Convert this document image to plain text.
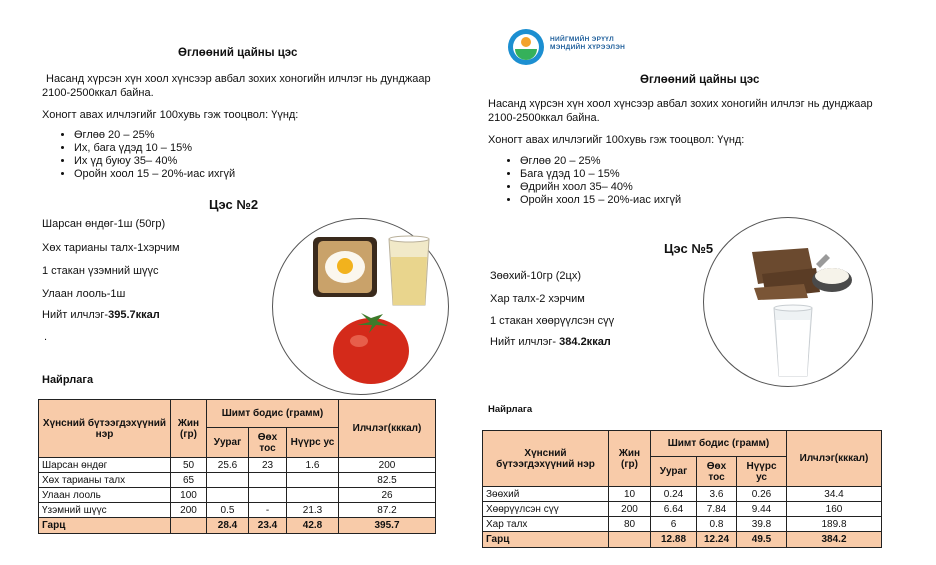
Өглөөний цайны цэс
Насанд хүрсэн хүн хоол хүнсээр авбал зохих хоногийн илчлэг нь дунджаар 2100-2500ккал байна.
Хоногт авах илчлэгийг 100хувь гэж тооцвол: Үүнд:
• Өглөө 20 – 25%
• Их, бага үдэд 10 – 15%
• Их үд буюу 35– 40%
• Оройн хоол 15 – 20%-иас ихгүй
Цэс №2
Шарсан өндөг-1ш (50гр)
Хөх тарианы талх-1хэрчим
1 стакан үзэмний шүүс
Улаан лооль-1ш
Нийт илчлэг-395.7ккал
.
Найрлага
Хүнсний бүтээгдэхүүний нэр	Жин (гр)	Шимт бодис (грамм)			Илчлэг(кккал)
		Уураг	Өөх тос	Нүүрс ус	
Шарсан өндөг	50	25.6	23	1.6	200
Хөх тарианы талх	65				82.5
Улаан лооль	100				26
Үзэмний шүүс	200	0.5	-	21.3	87.2
Гарц		28.4	23.4	42.8	395.7
НИЙГМИЙН ЭРҮҮЛ
МЭНДИЙН ХҮРЭЭЛЭН
Өглөөний цайны цэс
Насанд хүрсэн хүн хоол хүнсээр авбал зохих хоногийн илчлэг нь дунджаар 2100-2500ккал байна.
Хоногт авах илчлэгийг 100хувь гэж тооцвол: Үүнд:
• Өглөө 20 – 25%
• Бага үдэд 10 – 15%
• Өдрийн хоол 35– 40%
• Оройн хоол 15 – 20%-иас ихгүй
Цэс №5
Зөөхий-10гр (2цх)
Хар талх-2 хэрчим
1 стакан хөөрүүлсэн сүү
Нийт илчлэг- 384.2ккал
Найрлага
Хүнсний бүтээгдэхүүний нэр	Жин (гр)	Шимт бодис (грамм)			Илчлэг(кккал)
		Уураг	Өөх тос	Нүүрс ус	
Зөөхий	10	0.24	3.6	0.26	34.4
Хөөрүүлсэн сүү	200	6.64	7.84	9.44	160
Хар талх	80	6	0.8	39.8	189.8
Гарц		12.88	12.24	49.5	384.2
